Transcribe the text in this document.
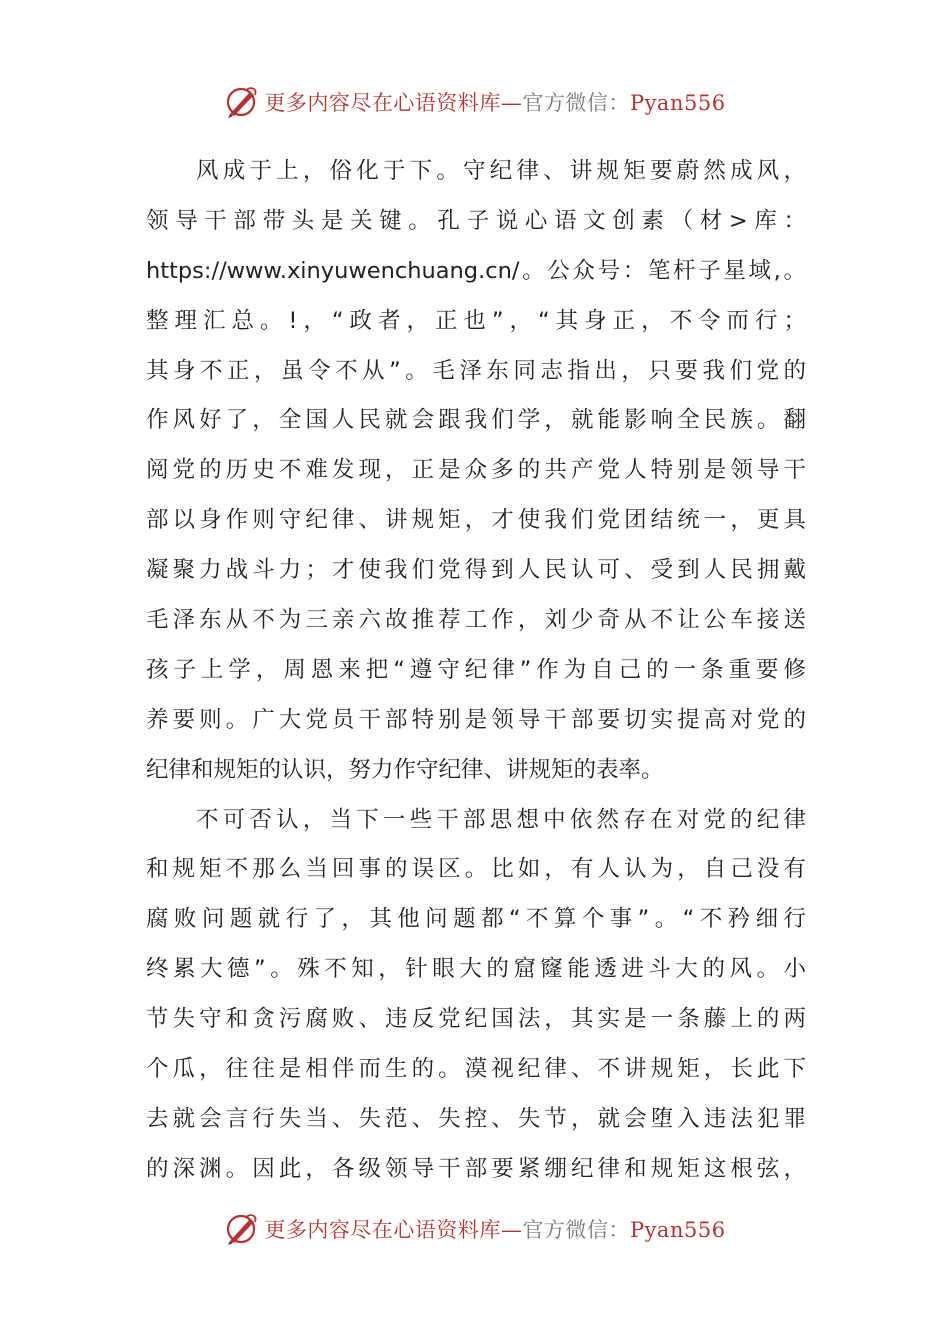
更多内容尽在心语资料库—官方微信：Pyan556
风成于上，俗化于下。守纪律、讲规矩要蔚然成风，
领导干部带头是关键。孔子说心语文创素（材>库：
https://www.xinyuwenchuang.cn/。公众号：笔杆子星域,。
整理汇总。!，“政者，正也”，“其身正，不令而行；
其身不正，虽令不从”。毛泽东同志指出，只要我们党的
作风好了，全国人民就会跟我们学，就能影响全民族。翻
阅党的历史不难发现，正是众多的共产党人特别是领导干
部以身作则守纪律、讲规矩，才使我们党团结统一，更具
凝聚力战斗力；才使我们党得到人民认可、受到人民拥戴
毛泽东从不为三亲六故推荐工作，刘少奇从不让公车接送
孩子上学，周恩来把“遵守纪律”作为自己的一条重要修
养要则。广大党员干部特别是领导干部要切实提高对党的
纪律和规矩的认识，努力作守纪律、讲规矩的表率。
不可否认，当下一些干部思想中依然存在对党的纪律
和规矩不那么当回事的误区。比如，有人认为，自己没有
腐败问题就行了，其他问题都“不算个事”。“不矜细行
终累大德”。殊不知，针眼大的窟窿能透进斗大的风。小
节失守和贪污腐败、违反党纪国法，其实是一条藤上的两
个瓜，往往是相伴而生的。漠视纪律、不讲规矩，长此下
去就会言行失当、失范、失控、失节，就会堕入违法犯罪
的深渊。因此，各级领导干部要紧绷纪律和规矩这根弦，
更多内容尽在心语资料库—官方微信：Pyan556
